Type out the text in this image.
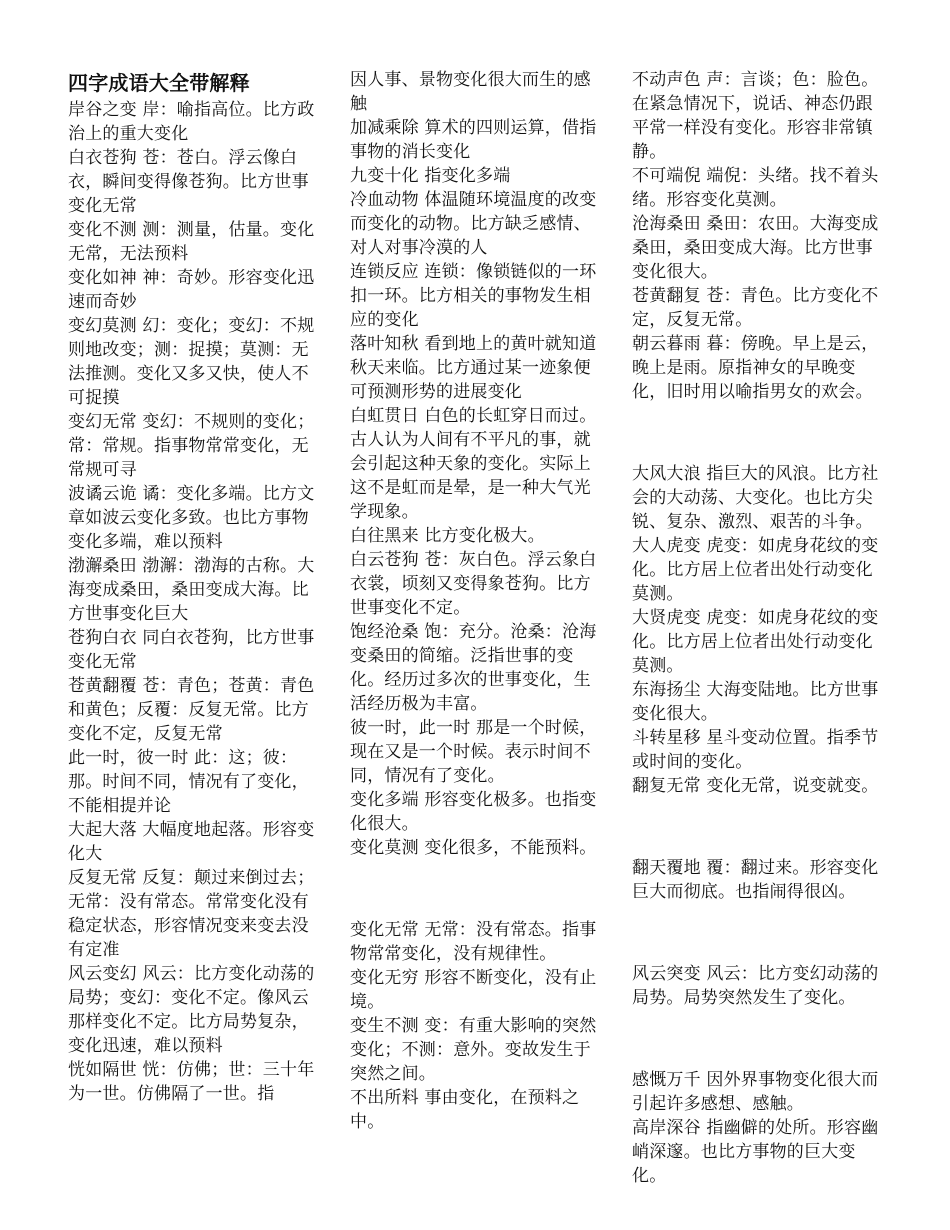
四字成语大全带解释

岸谷之变 岸：喻指高位。比方政治上的重大变化

白衣苍狗 苍：苍白。浮云像白衣，瞬间变得像苍狗。比方世事变化无常

变化不测 测：测量，估量。变化无常，无法预料

变化如神 神：奇妙。形容变化迅速而奇妙

变幻莫测 幻：变化；变幻：不规则地改变；测：捉摸；莫测：无法推测。变化又多又快，使人不可捉摸

变幻无常 变幻：不规则的变化；常：常规。指事物常常变化，无常规可寻

波谲云诡 谲：变化多端。比方文章如波云变化多致。也比方事物变化多端，难以预料

渤澥桑田 渤澥：渤海的古称。大海变成桑田，桑田变成大海。比方世事变化巨大

苍狗白衣 同白衣苍狗，比方世事变化无常

苍黄翻覆 苍：青色；苍黄：青色和黄色；反覆：反复无常。比方变化不定，反复无常

此一时，彼一时 此：这；彼：那。时间不同，情况有了变化，不能相提并论

大起大落 大幅度地起落。形容变化大

反复无常 反复：颠过来倒过去；无常：没有常态。常常变化没有稳定状态，形容情况变来变去没有定准

风云变幻 风云：比方变化动荡的局势；变幻：变化不定。像风云那样变化不定。比方局势复杂，变化迅速，难以预料

恍如隔世 恍：仿佛；世：三十年为一世。仿佛隔了一世。指

因人事、景物变化很大而生的感触

加减乘除 算术的四则运算，借指事物的消长变化

九变十化 指变化多端

冷血动物 体温随环境温度的改变而变化的动物。比方缺乏感情、对人对事冷漠的人

连锁反应 连锁：像锁链似的一环扣一环。比方相关的事物发生相应的变化

落叶知秋 看到地上的黄叶就知道秋天来临。比方通过某一迹象便可预测形势的进展变化

白虹贯日 白色的长虹穿日而过。古人认为人间有不平凡的事，就会引起这种天象的变化。实际上这不是虹而是晕，是一种大气光学现象。

白往黑来 比方变化极大。

白云苍狗 苍：灰白色。浮云象白衣裳，顷刻又变得象苍狗。比方世事变化不定。

饱经沧桑 饱：充分。沧桑：沧海变桑田的简缩。泛指世事的变化。经历过多次的世事变化，生活经历极为丰富。

彼一时，此一时 那是一个时候，现在又是一个时候。表示时间不同，情况有了变化。

变化多端 形容变化极多。也指变化很大。

变化莫测 变化很多，不能预料。

变化无常 无常：没有常态。指事物常常变化，没有规律性。

变化无穷 形容不断变化，没有止境。

变生不测 变：有重大影响的突然变化；不测：意外。变故发生于突然之间。

不出所料 事由变化，在预料之中。

不动声色 声：言谈；色：脸色。在紧急情况下，说话、神态仍跟平常一样没有变化。形容非常镇静。

不可端倪 端倪：头绪。找不着头绪。形容变化莫测。

沧海桑田 桑田：农田。大海变成桑田，桑田变成大海。比方世事变化很大。

苍黄翻复 苍：青色。比方变化不定，反复无常。

朝云暮雨 暮：傍晚。早上是云，晚上是雨。原指神女的早晚变化，旧时用以喻指男女的欢会。

大风大浪 指巨大的风浪。比方社会的大动荡、大变化。也比方尖锐、复杂、激烈、艰苦的斗争。

大人虎变 虎变：如虎身花纹的变化。比方居上位者出处行动变化莫测。

大贤虎变 虎变：如虎身花纹的变化。比方居上位者出处行动变化莫测。

东海扬尘 大海变陆地。比方世事变化很大。

斗转星移 星斗变动位置。指季节或时间的变化。

翻复无常 变化无常，说变就变。

翻天覆地 覆：翻过来。形容变化巨大而彻底。也指闹得很凶。

风云突变 风云：比方变幻动荡的局势。局势突然发生了变化。

感慨万千 因外界事物变化很大而引起许多感想、感触。

高岸深谷 指幽僻的处所。形容幽峭深邃。也比方事物的巨大变化。
